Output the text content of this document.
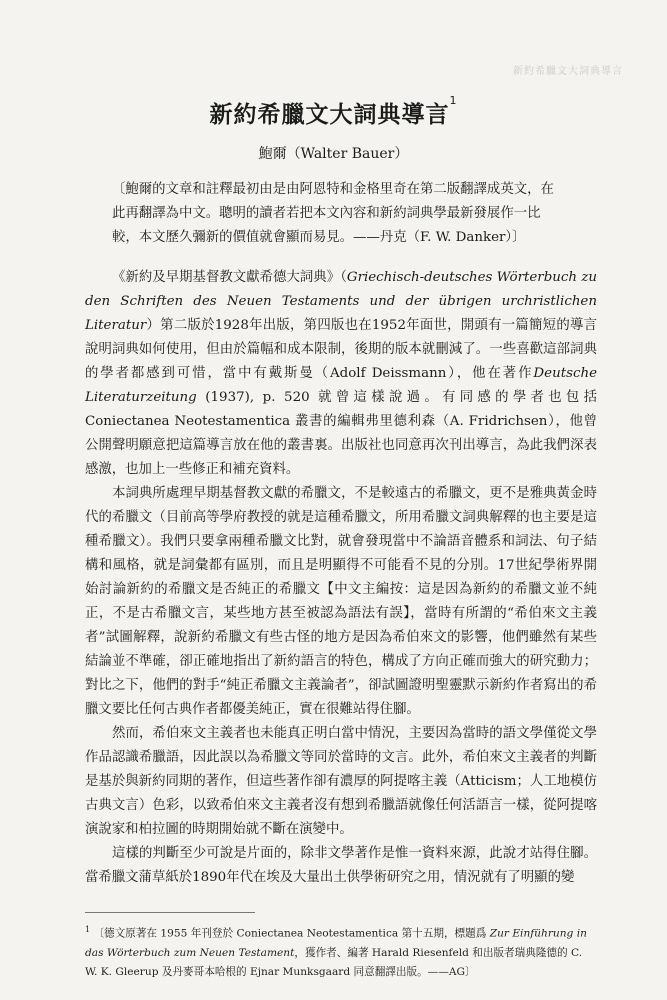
新約希臘文大詞典導言
新約希臘文大詞典導言$^1$
鮑爾（Walter Bauer）
〔鮑爾的文章和註釋最初由是由阿恩特和金格里奇在第二版翻譯成英文，在此再翻譯為中文。聰明的讀者若把本文內容和新約詞典學最新發展作一比較，本文歷久彌新的價值就會顯而易見。——丹克（F. W. Danker）〕

《新約及早期基督教文獻希德大詞典》（Griechisch-deutsches Wörterbuch zu den Schriften des Neuen Testaments und der übrigen urchristlichen Literatur）第二版於1928年出版，第四版也在1952年面世，開頭有一篇簡短的導言說明詞典如何使用，但由於篇幅和成本限制，後期的版本就刪減了。一些喜歡這部詞典的學者都感到可惜，當中有戴斯曼（Adolf Deissmann），他在著作Deutsche Literaturzeitung (1937), p. 520 就曾這樣說過。有同感的學者也包括 Coniectanea Neotestamentica 叢書的編輯弗里德利森（A. Fridrichsen），他曾公開聲明願意把這篇導言放在他的叢書裏。出版社也同意再次刊出導言，為此我們深表感激，也加上一些修正和補充資料。

本詞典所處理早期基督教文獻的希臘文，不是較遠古的希臘文，更不是雅典黃金時代的希臘文（目前高等學府教授的就是這種希臘文，所用希臘文詞典解釋的也主要是這種希臘文）。我們只要拿兩種希臘文比對，就會發現當中不論語音體系和詞法、句子結構和風格，就是詞彙都有區別，而且是明顯得不可能看不見的分別。17世紀學術界開始討論新約的希臘文是否純正的希臘文【中文主編按：這是因為新約的希臘文並不純正，不是古希臘文言，某些地方甚至被認為語法有誤】，當時有所謂的“希伯來文主義者”試圖解釋，說新約希臘文有些古怪的地方是因為希伯來文的影響，他們雖然有某些結論並不準確，卻正確地指出了新約語言的特色，構成了方向正確而強大的研究動力；對比之下，他們的對手“純正希臘文主義論者”，卻試圖證明聖靈默示新約作者寫出的希臘文要比任何古典作者都優美純正，實在很難站得住腳。

然而，希伯來文主義者也未能真正明白當中情況，主要因為當時的語文學僅從文學作品認識希臘語，因此誤以為希臘文等同於當時的文言。此外，希伯來文主義者的判斷是基於與新約同期的著作，但這些著作卻有濃厚的阿提喀主義（Atticism；人工地模仿古典文言）色彩，以致希伯來文主義者沒有想到希臘語就像任何活語言一樣，從阿提喀演說家和柏拉圖的時期開始就不斷在演變中。

這樣的判斷至少可說是片面的，除非文學著作是惟一資料來源，此說才站得住腳。當希臘文蒲草紙於1890年代在埃及大量出土供學術研究之用，情況就有了明顯的變

$^1$ 〔德文原著在 1955 年刊登於 Coniectanea Neotestamentica 第十五期，標題爲 Zur Einführung in das Wörterbuch zum Neuen Testament，獲作者、編著 Harald Riesenfeld 和出版者瑞典隆德的 C. W. K. Gleerup 及丹麥哥本哈根的 Ejnar Munksgaard 同意翻譯出版。——AG〕
